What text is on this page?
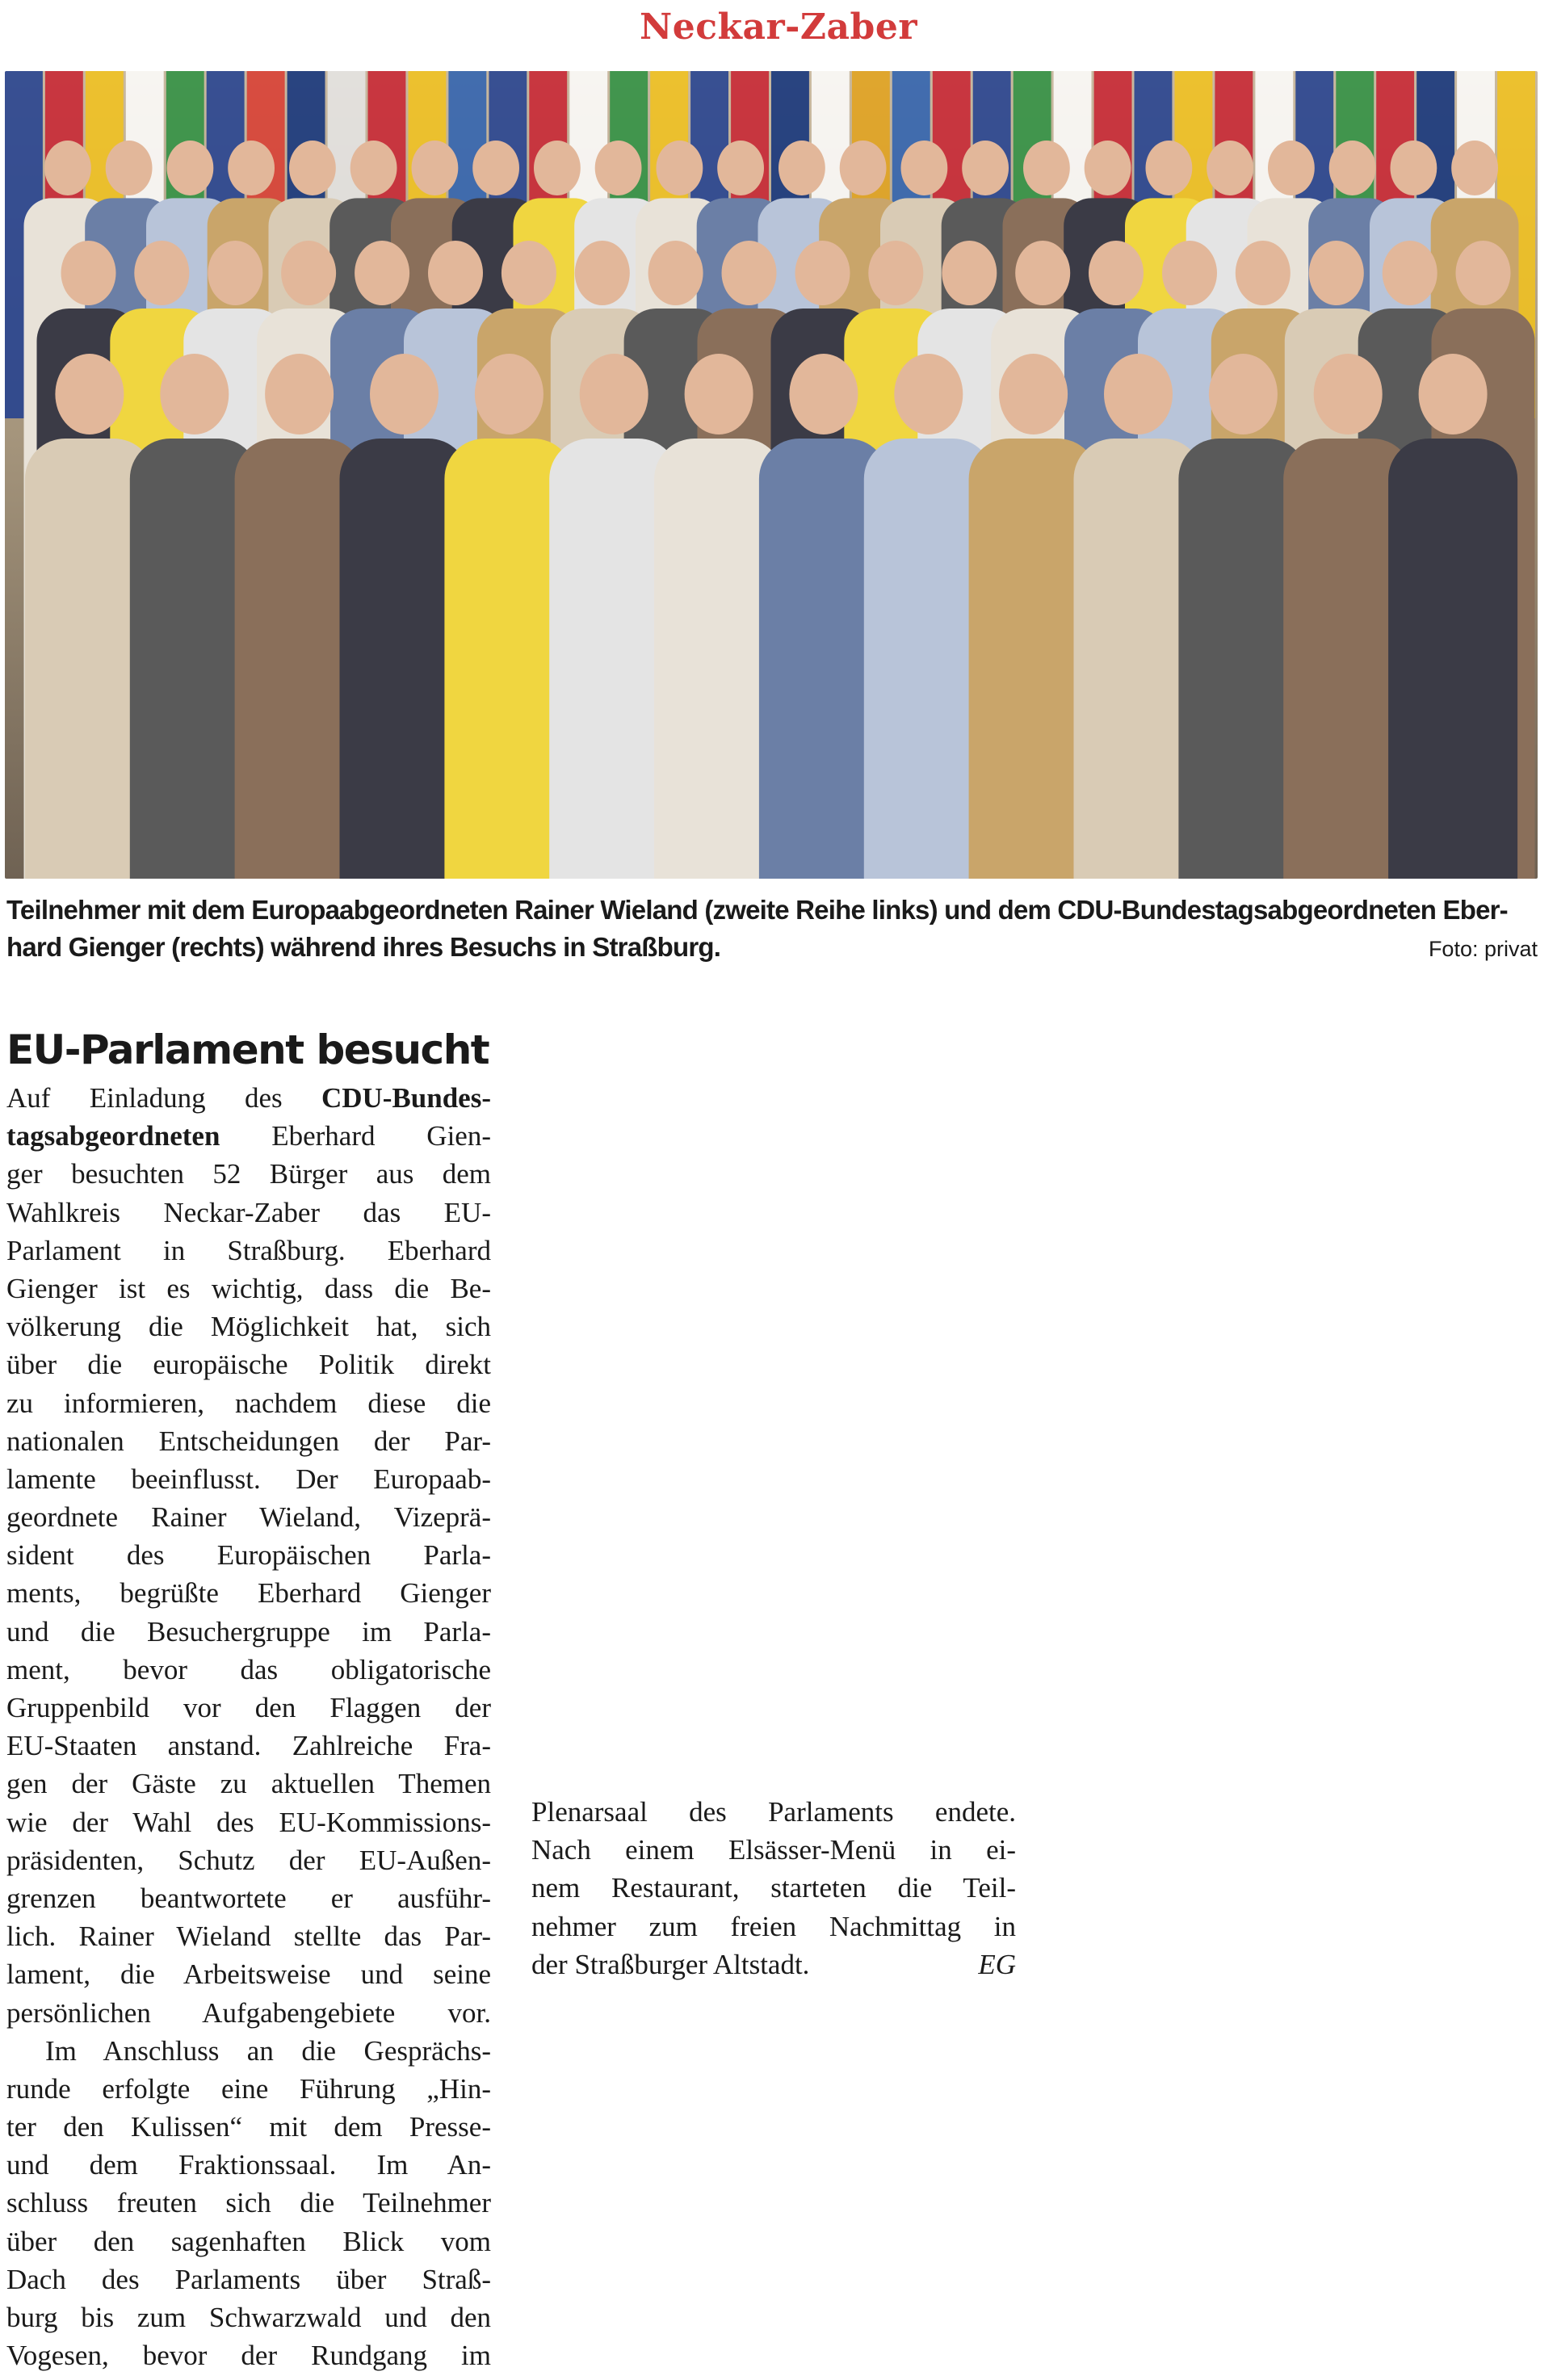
Neckar-Zaber
Teilnehmer mit dem Europaabgeordneten Rainer Wieland (zweite Reihe links) und dem CDU-Bundestagsabgeordneten Eber-
hard Gienger (rechts) während ihres Besuchs in Straßburg.	Foto: privat
EU-Parlament besucht
Auf Einladung des CDU-Bundes-
tagsabgeordneten Eberhard Gien-
ger besuchten 52 Bürger aus dem
Wahlkreis Neckar-Zaber das EU-
Parlament in Straßburg. Eberhard
Gienger ist es wichtig, dass die Be-
völkerung die Möglichkeit hat, sich
über die europäische Politik direkt
zu informieren, nachdem diese die
nationalen Entscheidungen der Par-
lamente beeinflusst. Der Europaab-
geordnete Rainer Wieland, Vizeprä-
sident des Europäischen Parla-
ments, begrüßte Eberhard Gienger
und die Besuchergruppe im Parla-
ment, bevor das obligatorische
Gruppenbild vor den Flaggen der
EU-Staaten anstand. Zahlreiche Fra-
gen der Gäste zu aktuellen Themen
wie der Wahl des EU-Kommissions-
präsidenten, Schutz der EU-Außen-
grenzen beantwortete er ausführ-
lich. Rainer Wieland stellte das Par-
lament, die Arbeitsweise und seine
persönlichen Aufgabengebiete vor.
Im Anschluss an die Gesprächs-
runde erfolgte eine Führung „Hin-
ter den Kulissen“ mit dem Presse-
und dem Fraktionssaal. Im An-
schluss freuten sich die Teilnehmer
über den sagenhaften Blick vom
Dach des Parlaments über Straß-
burg bis zum Schwarzwald und den
Vogesen, bevor der Rundgang im
Plenarsaal des Parlaments endete.
Nach einem Elsässer-Menü in ei-
nem Restaurant, starteten die Teil-
nehmer zum freien Nachmittag in
der Straßburger Altstadt.	EG
